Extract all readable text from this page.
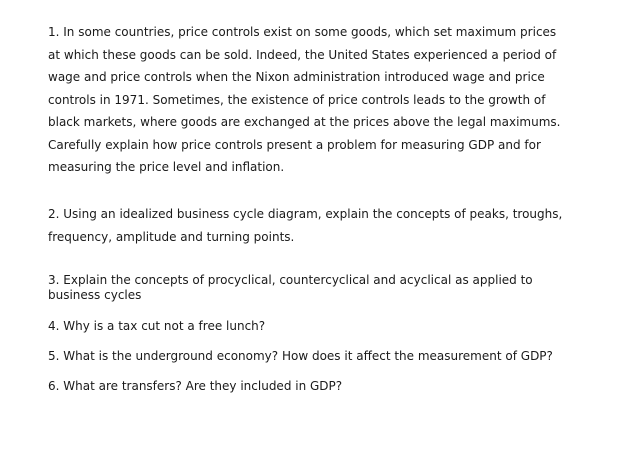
1. In some countries, price controls exist on some goods, which set maximum prices
at which these goods can be sold. Indeed, the United States experienced a period of
wage and price controls when the Nixon administration introduced wage and price
controls in 1971. Sometimes, the existence of price controls leads to the growth of
black markets, where goods are exchanged at the prices above the legal maximums.
Carefully explain how price controls present a problem for measuring GDP and for
measuring the price level and inflation.

2. Using an idealized business cycle diagram, explain the concepts of peaks, troughs,
frequency, amplitude and turning points.

3. Explain the concepts of procyclical, countercyclical and acyclical as applied to
business cycles

4. Why is a tax cut not a free lunch?

5. What is the underground economy? How does it affect the measurement of GDP?

6. What are transfers? Are they included in GDP?
